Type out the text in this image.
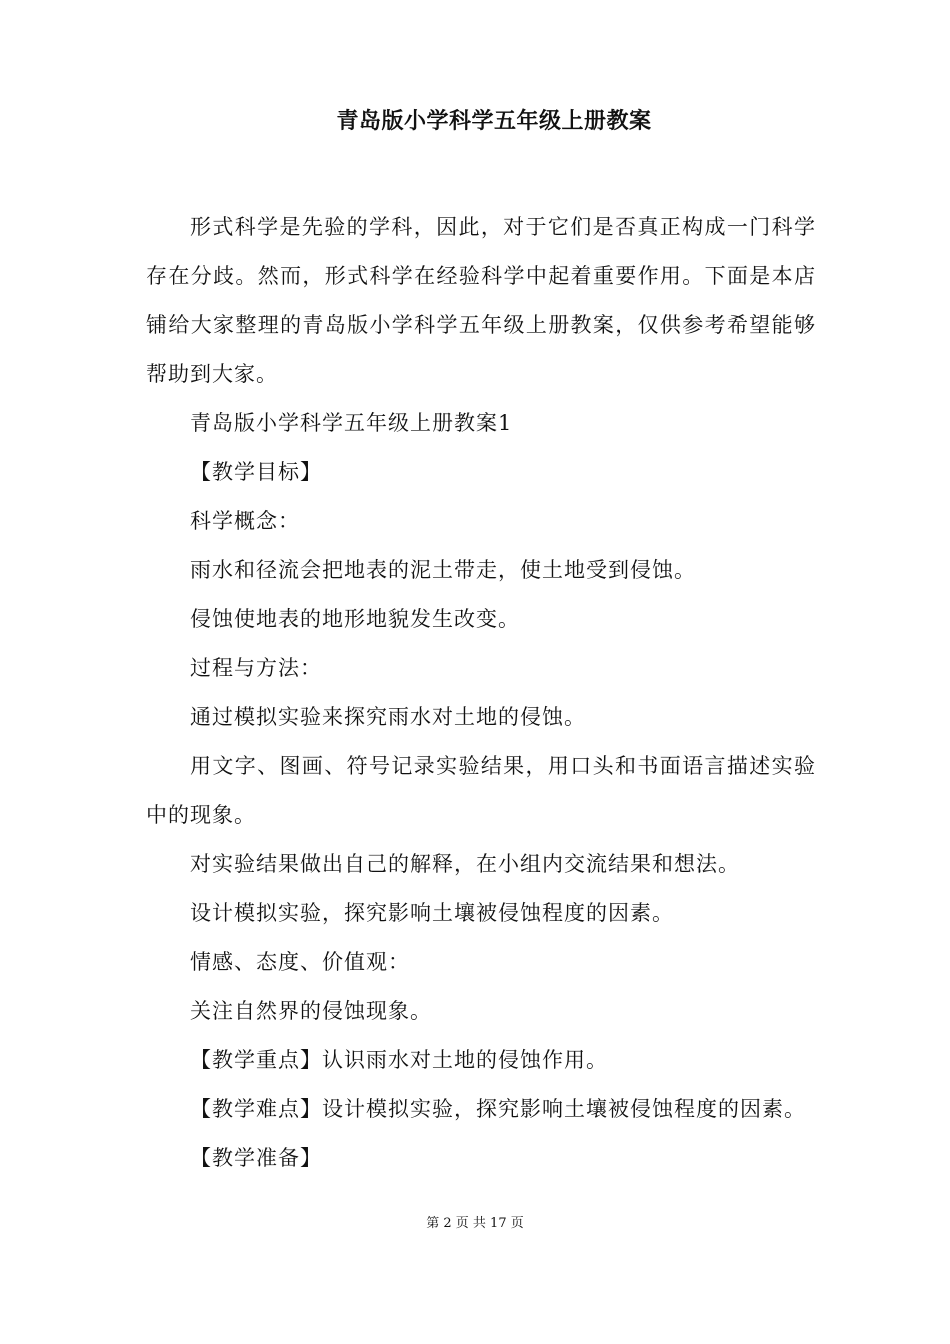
青岛版小学科学五年级上册教案

形式科学是先验的学科，因此，对于它们是否真正构成一门科学存在分歧。然而，形式科学在经验科学中起着重要作用。下面是本店铺给大家整理的青岛版小学科学五年级上册教案，仅供参考希望能够帮助到大家。

青岛版小学科学五年级上册教案1

【教学目标】

科学概念：

雨水和径流会把地表的泥土带走，使土地受到侵蚀。

侵蚀使地表的地形地貌发生改变。

过程与方法：

通过模拟实验来探究雨水对土地的侵蚀。

用文字、图画、符号记录实验结果，用口头和书面语言描述实验中的现象。

对实验结果做出自己的解释，在小组内交流结果和想法。

设计模拟实验，探究影响土壤被侵蚀程度的因素。

情感、态度、价值观：

关注自然界的侵蚀现象。

【教学重点】认识雨水对土地的侵蚀作用。

【教学难点】设计模拟实验，探究影响土壤被侵蚀程度的因素。

【教学准备】

第 2 页 共 17 页
